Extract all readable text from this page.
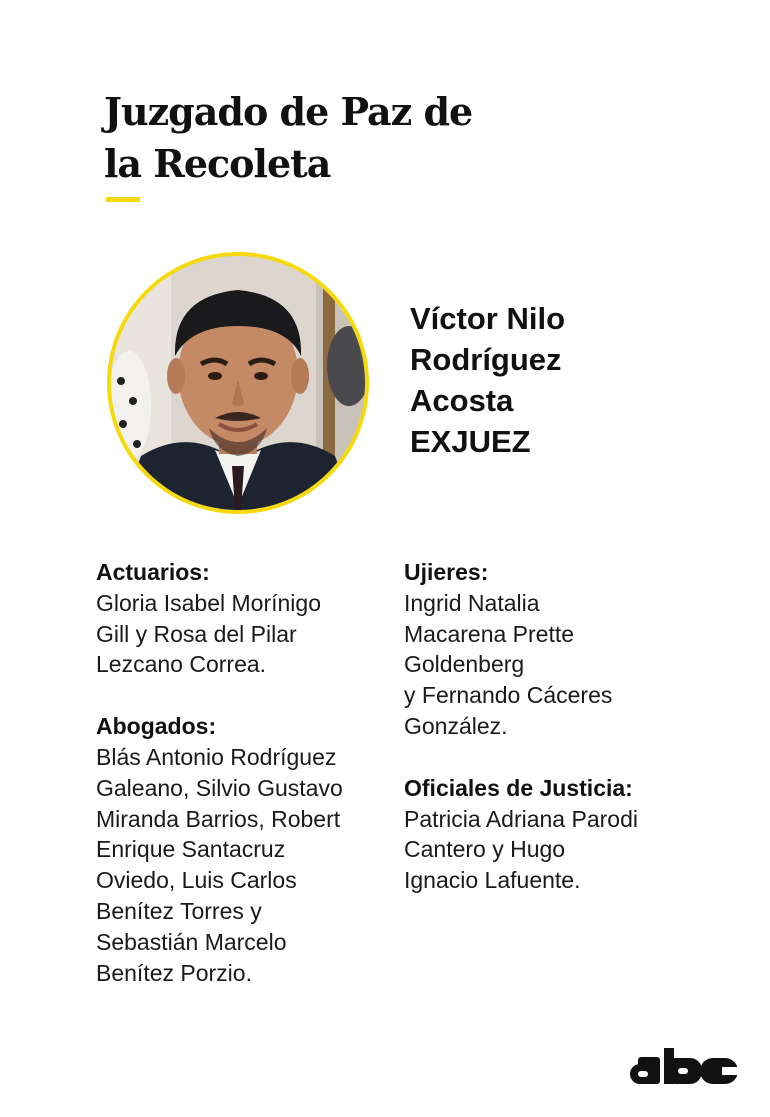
Juzgado de Paz de
la Recoleta
Víctor Nilo
Rodríguez
Acosta
EXJUEZ
Actuarios:
Gloria Isabel Morínigo
Gill y Rosa del Pilar
Lezcano Correa.
Abogados:
Blás Antonio Rodríguez
Galeano, Silvio Gustavo
Miranda Barrios, Robert
Enrique Santacruz
Oviedo, Luis Carlos
Benítez Torres y
Sebastián Marcelo
Benítez Porzio.
Ujieres:
Ingrid Natalia
Macarena Prette
Goldenberg
y Fernando Cáceres
González.
Oficiales de Justicia:
Patricia Adriana Parodi
Cantero y Hugo
Ignacio Lafuente.
